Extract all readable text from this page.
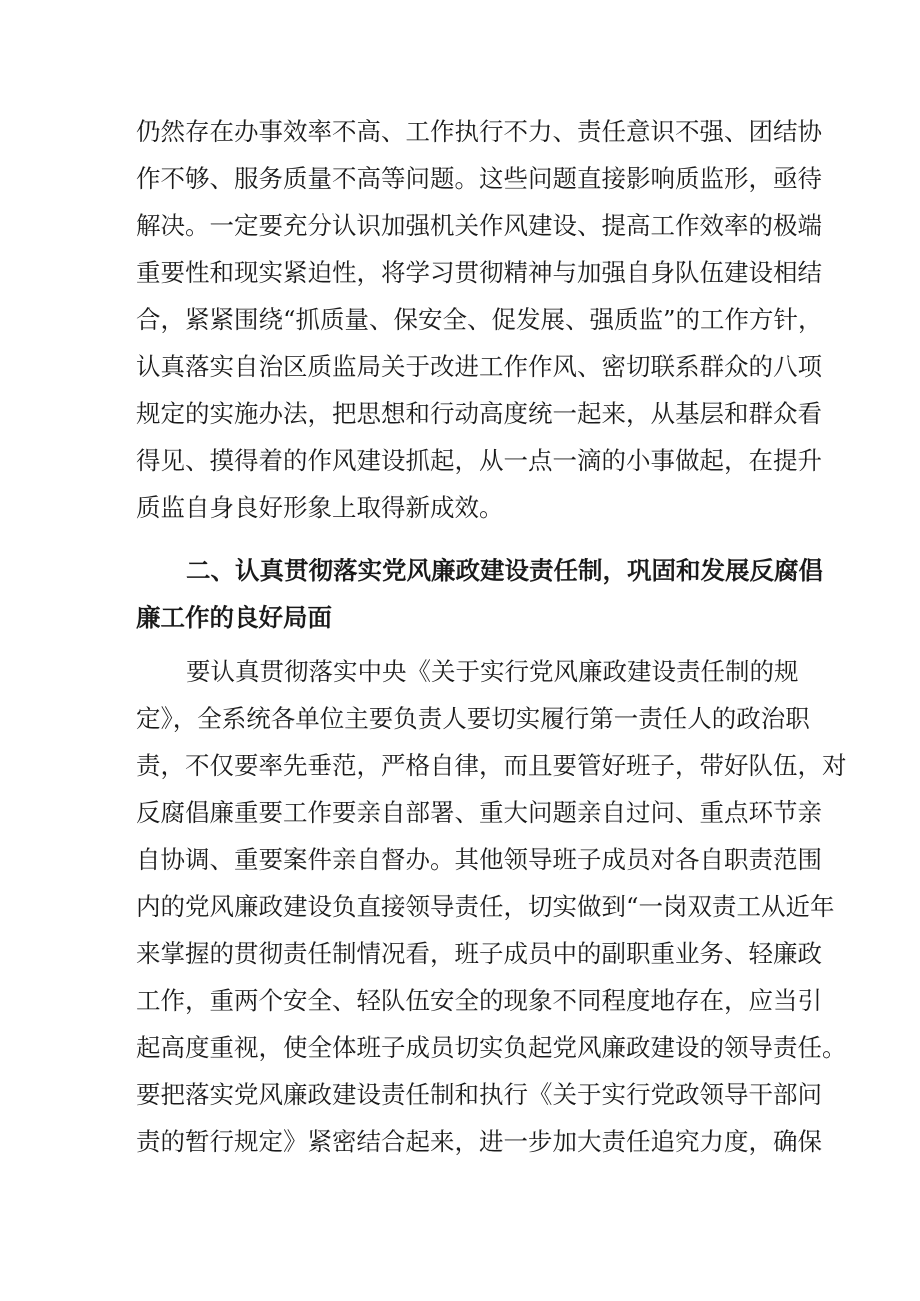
仍然存在办事效率不高、工作执行不力、责任意识不强、团结协
作不够、服务质量不高等问题。这些问题直接影响质监形，亟待
解决。一定要充分认识加强机关作风建设、提高工作效率的极端
重要性和现实紧迫性，将学习贯彻精神与加强自身队伍建设相结
合，紧紧围绕“抓质量、保安全、促发展、强质监”的工作方针，
认真落实自治区质监局关于改进工作作风、密切联系群众的八项
规定的实施办法，把思想和行动高度统一起来，从基层和群众看
得见、摸得着的作风建设抓起，从一点一滴的小事做起，在提升
质监自身良好形象上取得新成效。
二、认真贯彻落实党风廉政建设责任制，巩固和发展反腐倡
廉工作的良好局面
要认真贯彻落实中央《关于实行党风廉政建设责任制的规
定》，全系统各单位主要负责人要切实履行第一责任人的政治职
责，不仅要率先垂范，严格自律，而且要管好班子，带好队伍，对
反腐倡廉重要工作要亲自部署、重大问题亲自过问、重点环节亲
自协调、重要案件亲自督办。其他领导班子成员对各自职责范围
内的党风廉政建设负直接领导责任，切实做到“一岗双责工从近年
来掌握的贯彻责任制情况看，班子成员中的副职重业务、轻廉政
工作，重两个安全、轻队伍安全的现象不同程度地存在，应当引
起高度重视，使全体班子成员切实负起党风廉政建设的领导责任。
要把落实党风廉政建设责任制和执行《关于实行党政领导干部问
责的暂行规定》紧密结合起来，进一步加大责任追究力度，确保
